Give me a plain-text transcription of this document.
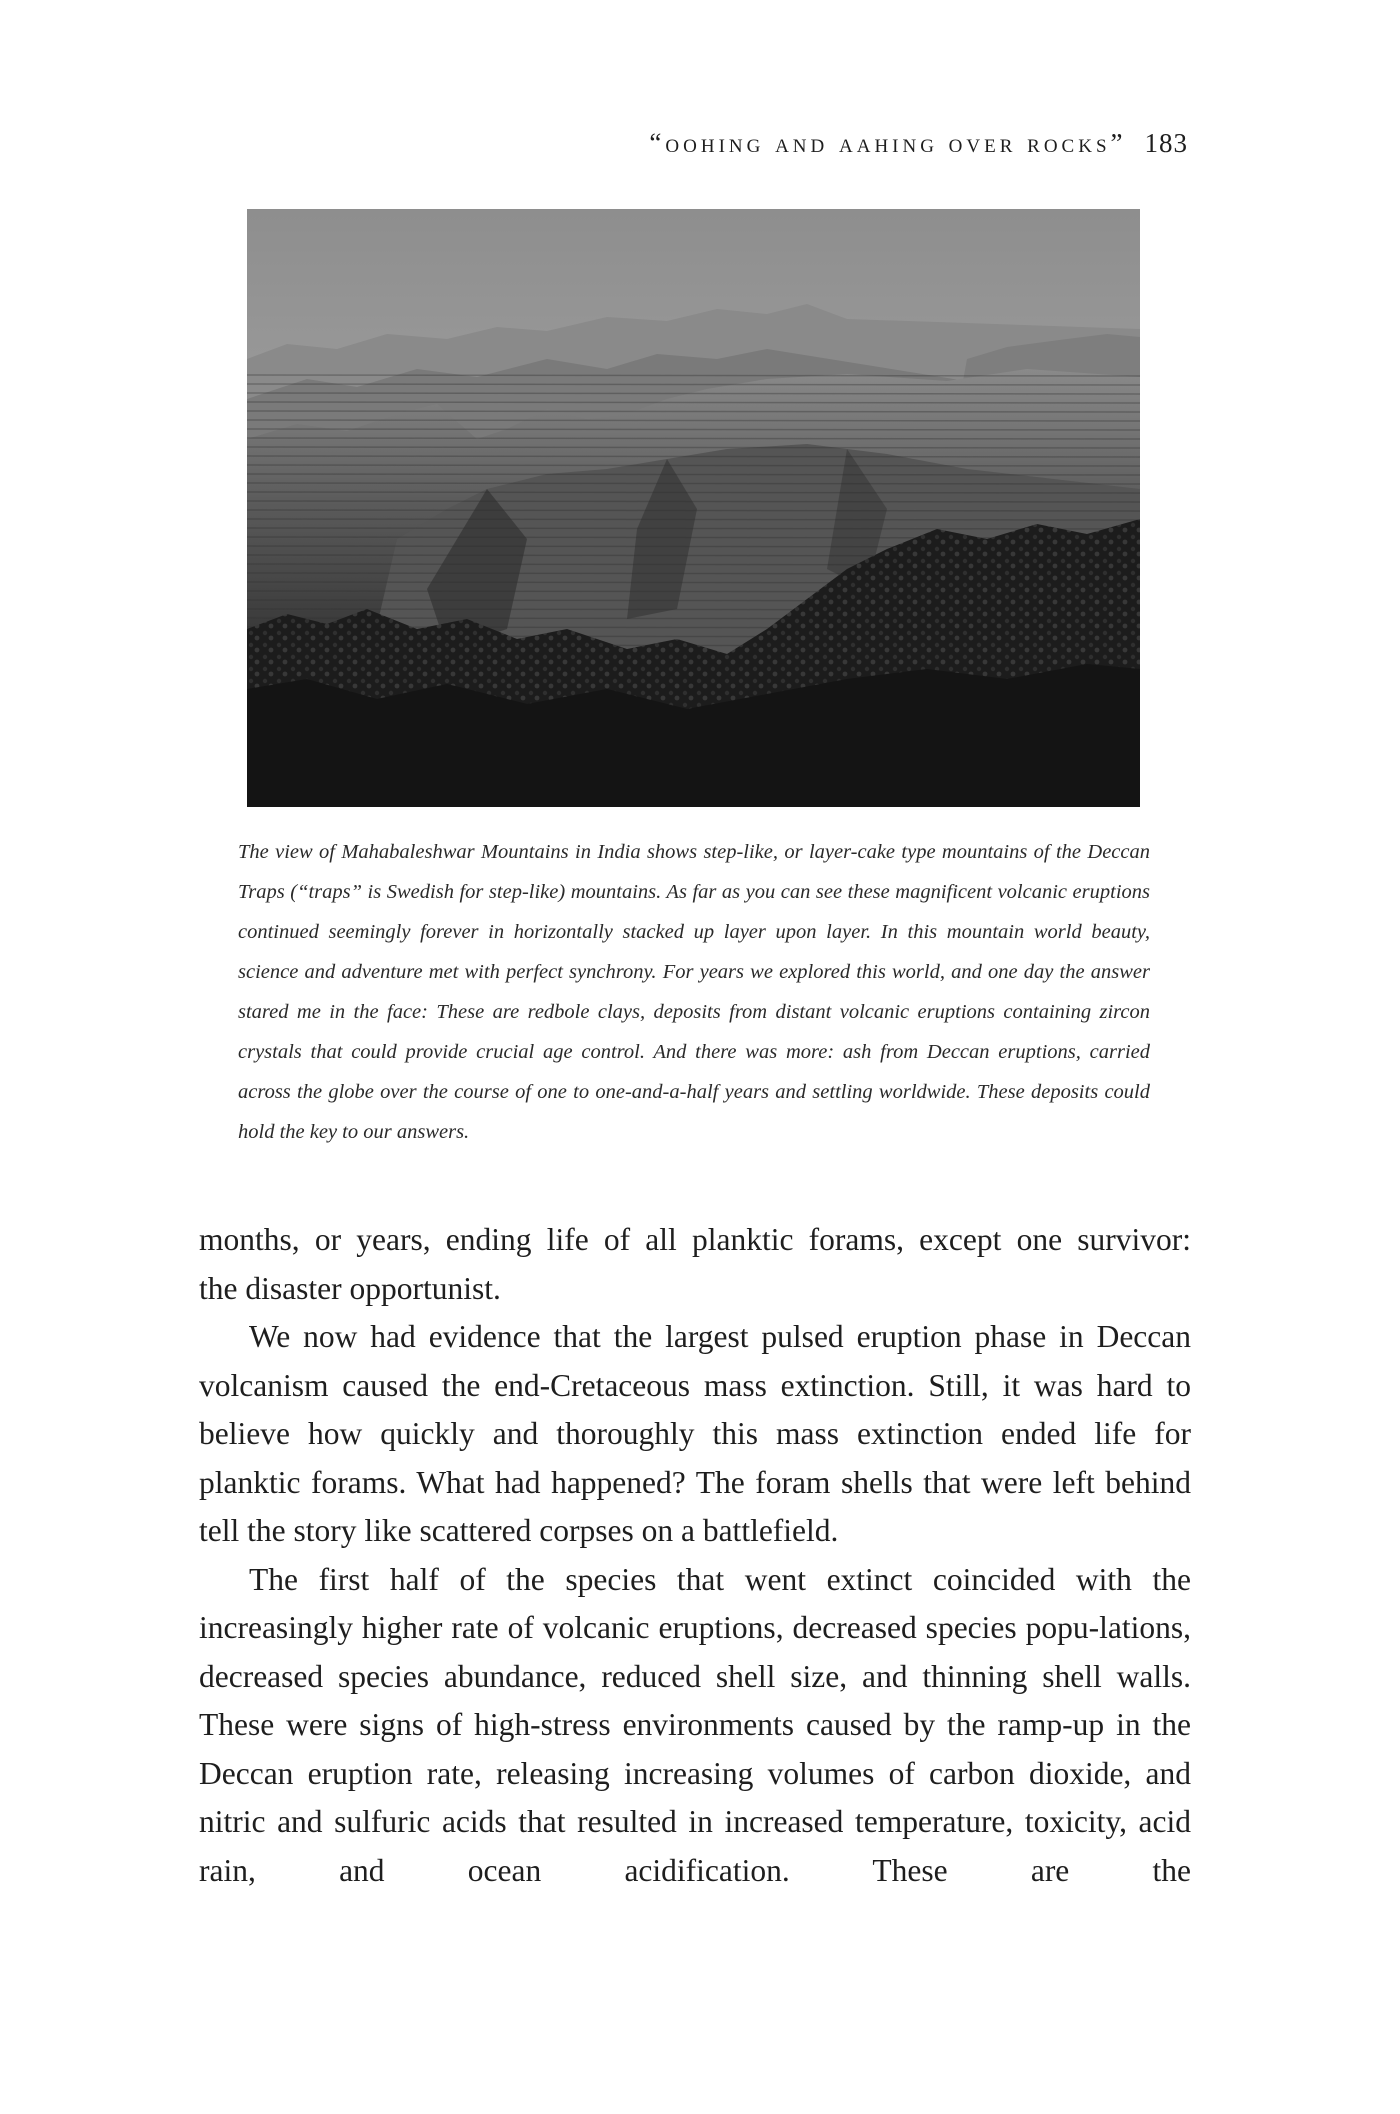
“oohing and aahing over rocks” 183
The view of Mahabaleshwar Mountains in India shows step-like, or layer-cake type mountains of the Deccan Traps (“traps” is Swedish for step-like) mountains. As far as you can see these magnificent volcanic eruptions continued seemingly forever in horizontally stacked up layer upon layer. In this mountain world beauty, science and adventure met with perfect synchrony. For years we explored this world, and one day the answer stared me in the face: These are redbole clays, deposits from distant volcanic eruptions containing zircon crystals that could provide crucial age control. And there was more: ash from Deccan eruptions, carried across the globe over the course of one to one-and-a-half years and settling worldwide. These deposits could hold the key to our answers.

months, or years, ending life of all planktic forams, except one survivor:

the disaster opportunist.

We now had evidence that the largest pulsed eruption phase in Deccan volcanism caused the end-Cretaceous mass extinction. Still, it was hard to believe how quickly and thoroughly this mass extinction ended life for planktic forams. What had happened? The foram shells that were left behind tell the story like scattered corpses on a battlefield.

The first half of the species that went extinct coincided with the increasingly higher rate of volcanic eruptions, decreased species popu-lations, decreased species abundance, reduced shell size, and thinning shell walls. These were signs of high-stress environments caused by the ramp-up in the Deccan eruption rate, releasing increasing volumes of carbon dioxide, and nitric and sulfuric acids that resulted in increased temperature, toxicity, acid rain, and ocean acidification. These are the
